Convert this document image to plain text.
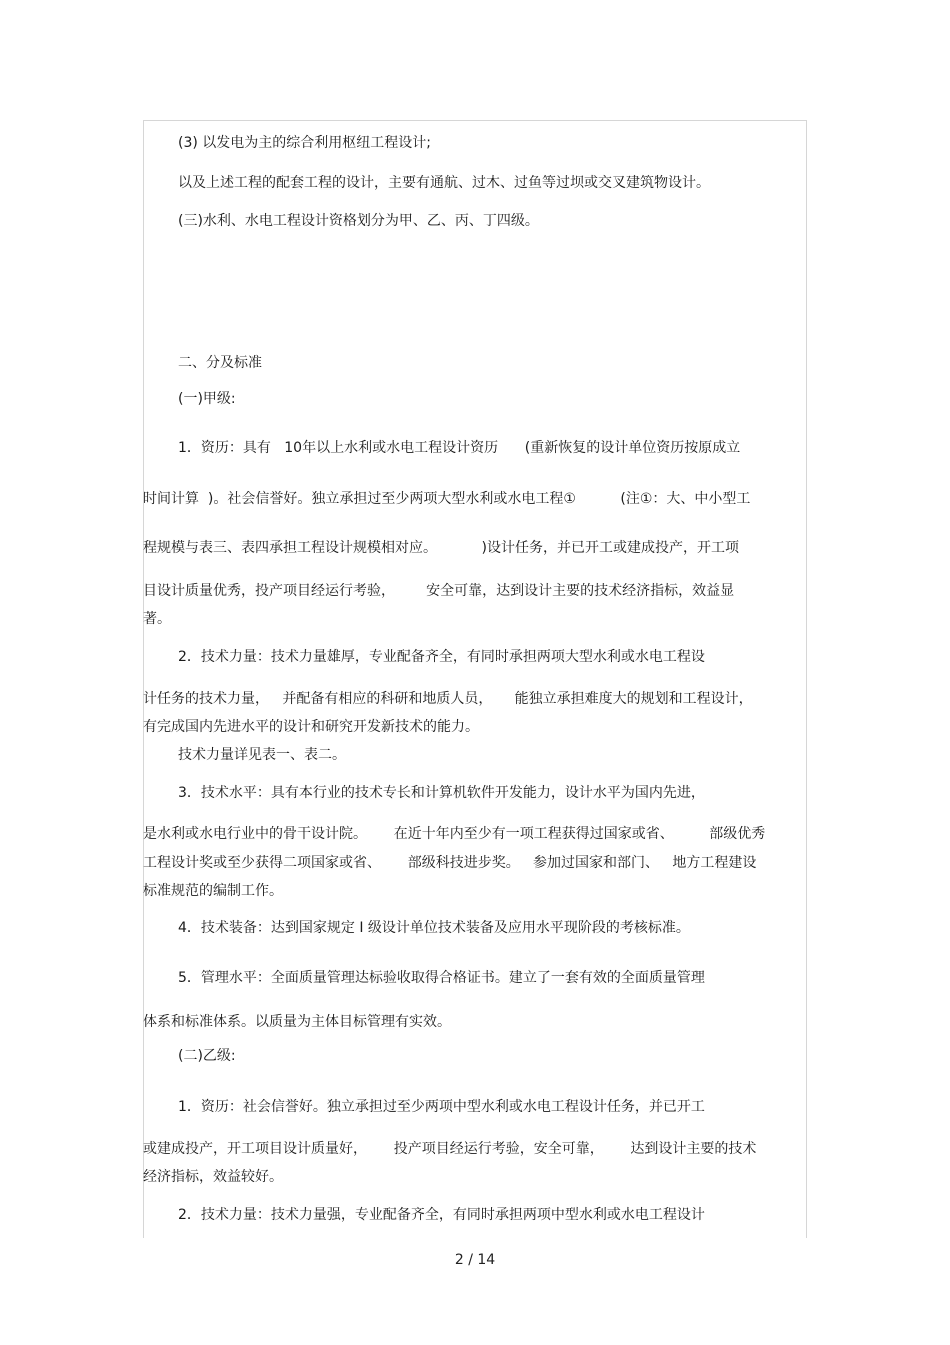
(3) 以发电为主的综合利用枢纽工程设计;
以及上述工程的配套工程的设计，主要有通航、过木、过鱼等过坝或交叉建筑物设计。
(三)水利、水电工程设计资格划分为甲、乙、丙、丁四级。
二、分及标准
(一)甲级:
1．资历：具有   10年以上水利或水电工程设计资历      (重新恢复的设计单位资历按原成立
时间计算  )。社会信誉好。独立承担过至少两项大型水利或水电工程①          (注①：大、中小型工
程规模与表三、表四承担工程设计规模相对应。          )设计任务，并已开工或建成投产，开工项
目设计质量优秀，投产项目经运行考验，       安全可靠，达到设计主要的技术经济指标，效益显
著。
2．技术力量：技术力量雄厚，专业配备齐全，有同时承担两项大型水利或水电工程设
计任务的技术力量，   并配备有相应的科研和地质人员，     能独立承担难度大的规划和工程设计，
有完成国内先进水平的设计和研究开发新技术的能力。
技术力量详见表一、表二。
3．技术水平：具有本行业的技术专长和计算机软件开发能力，设计水平为国内先进，
是水利或水电行业中的骨干设计院。      在近十年内至少有一项工程获得过国家或省、        部级优秀
工程设计奖或至少获得二项国家或省、      部级科技进步奖。   参加过国家和部门、   地方工程建设
标准规范的编制工作。
4．技术装备：达到国家规定 I 级设计单位技术装备及应用水平现阶段的考核标准。
5．管理水平：全面质量管理达标验收取得合格证书。建立了一套有效的全面质量管理
体系和标准体系。以质量为主体目标管理有实效。
(二)乙级:
1．资历：社会信誉好。独立承担过至少两项中型水利或水电工程设计任务，并已开工
或建成投产，开工项目设计质量好，      投产项目经运行考验，安全可靠，      达到设计主要的技术
经济指标，效益较好。
2．技术力量：技术力量强，专业配备齐全，有同时承担两项中型水利或水电工程设计
2 / 14
